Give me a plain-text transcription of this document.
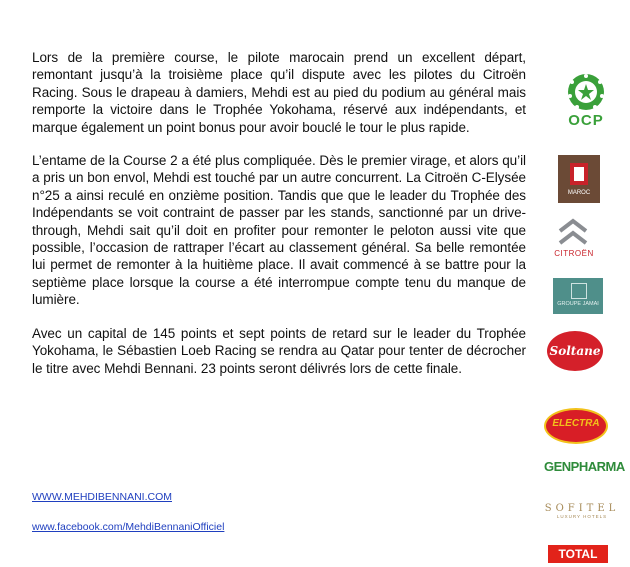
Lors de la première course, le pilote marocain prend un excellent départ, remontant jusqu’à la troisième place qu’il dispute avec les pilotes du Citroën Racing. Sous le drapeau à damiers, Mehdi est au pied du podium au général mais remporte la victoire dans le Trophée Yokohama, réservé aux indépendants, et marque également un point bonus pour avoir bouclé le tour le plus rapide.

L’entame de la Course 2 a été plus compliquée. Dès le premier virage, et alors qu’il a pris un bon envol, Mehdi est touché par un autre concurrent. La Citroën C-Elysée n°25 a ainsi reculé en onzième position. Tandis que que le leader du Trophée des Indépendants se voit contraint de passer par les stands, sanctionné par un drive-through, Mehdi sait qu’il doit en profiter pour remonter le peloton aussi vite que possible, l’occasion de rattraper l’écart au classement général. Sa belle remontée lui permet de remonter à la huitième place. Il avait commencé à se battre pour la septième place lorsque la course a été interrompue compte tenu du manque de lumière.

Avec un capital de 145 points et sept points de retard sur le leader du Trophée Yokohama, le Sébastien Loeb Racing se rendra au Qatar pour tenter de décrocher le titre avec Mehdi Bennani. 23 points seront délivrés lors de cette finale.

WWW.MEHDIBENNANI.COM
www.facebook.com/MehdiBennaniOfficiel
OCP
MAROC
CITROËN
GROUPE JAMAI
Soltane
ELECTRA
GENPHARMA
SOFITEL
LUXURY HOTELS
TOTAL
